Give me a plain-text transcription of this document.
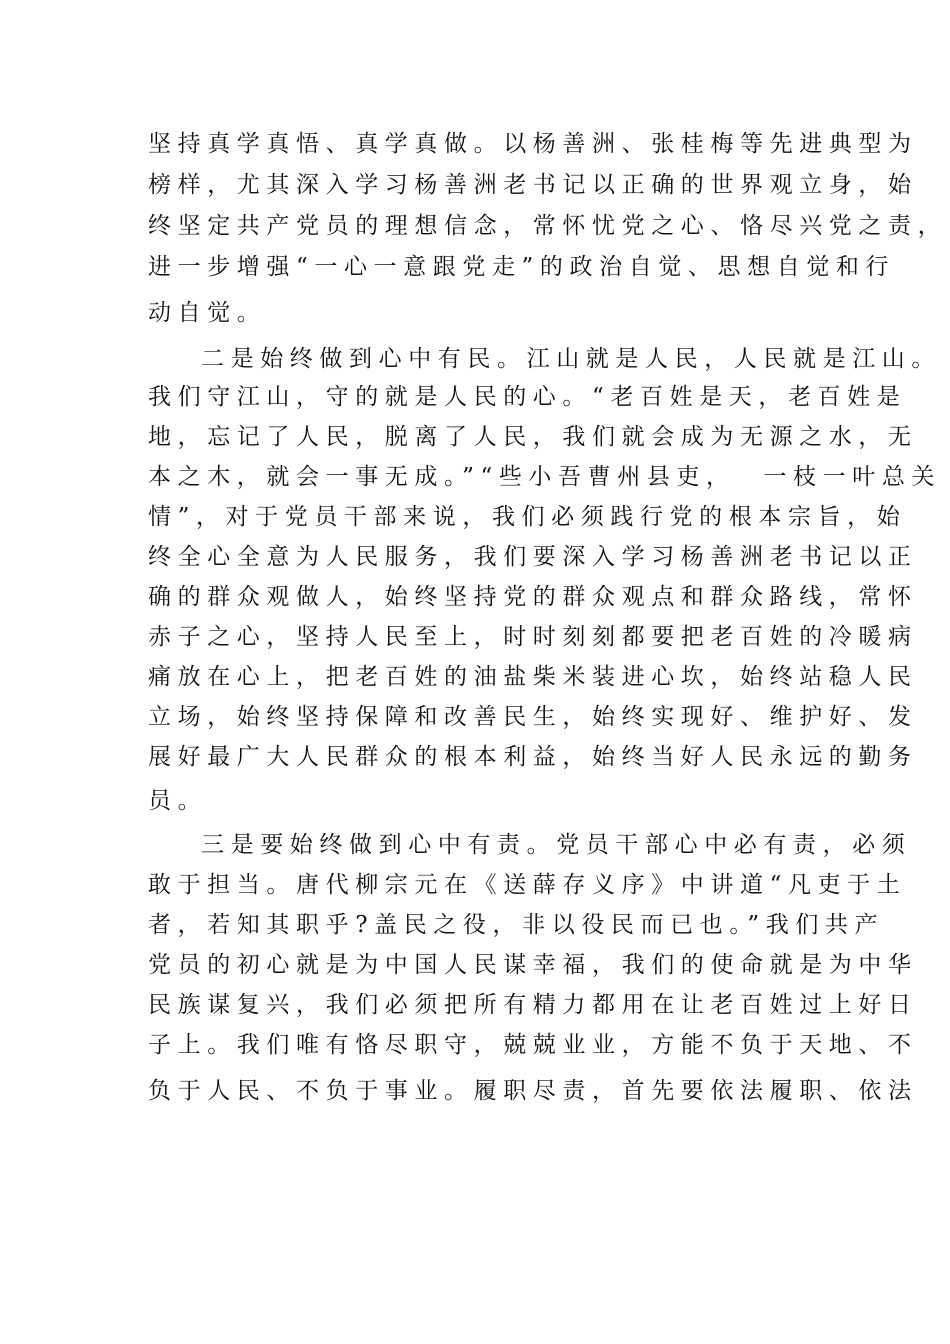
坚持真学真悟、真学真做。以杨善洲、张桂梅等先进典型为
榜样，尤其深入学习杨善洲老书记以正确的世界观立身，始
终坚定共产党员的理想信念，常怀忧党之心、恪尽兴党之责，
进一步增强“一心一意跟党走”的政治自觉、思想自觉和行
动自觉。
二是始终做到心中有民。江山就是人民，人民就是江山。
我们守江山，守的就是人民的心。“老百姓是天，老百姓是
地，忘记了人民，脱离了人民，我们就会成为无源之水，无
本之木，就会一事无成。”“些小吾曹州县吏，  一枝一叶总关
情”，对于党员干部来说，我们必须践行党的根本宗旨，始
终全心全意为人民服务，我们要深入学习杨善洲老书记以正
确的群众观做人，始终坚持党的群众观点和群众路线，常怀
赤子之心，坚持人民至上，时时刻刻都要把老百姓的冷暖病
痛放在心上，把老百姓的油盐柴米装进心坎，始终站稳人民
立场，始终坚持保障和改善民生，始终实现好、维护好、发
展好最广大人民群众的根本利益，始终当好人民永远的勤务
员。
三是要始终做到心中有责。党员干部心中必有责，必须
敢于担当。唐代柳宗元在《送薛存义序》中讲道“凡吏于土
者，若知其职乎?盖民之役，非以役民而已也。”我们共产
党员的初心就是为中国人民谋幸福，我们的使命就是为中华
民族谋复兴，我们必须把所有精力都用在让老百姓过上好日
子上。我们唯有恪尽职守，兢兢业业，方能不负于天地、不
负于人民、不负于事业。履职尽责，首先要依法履职、依法
